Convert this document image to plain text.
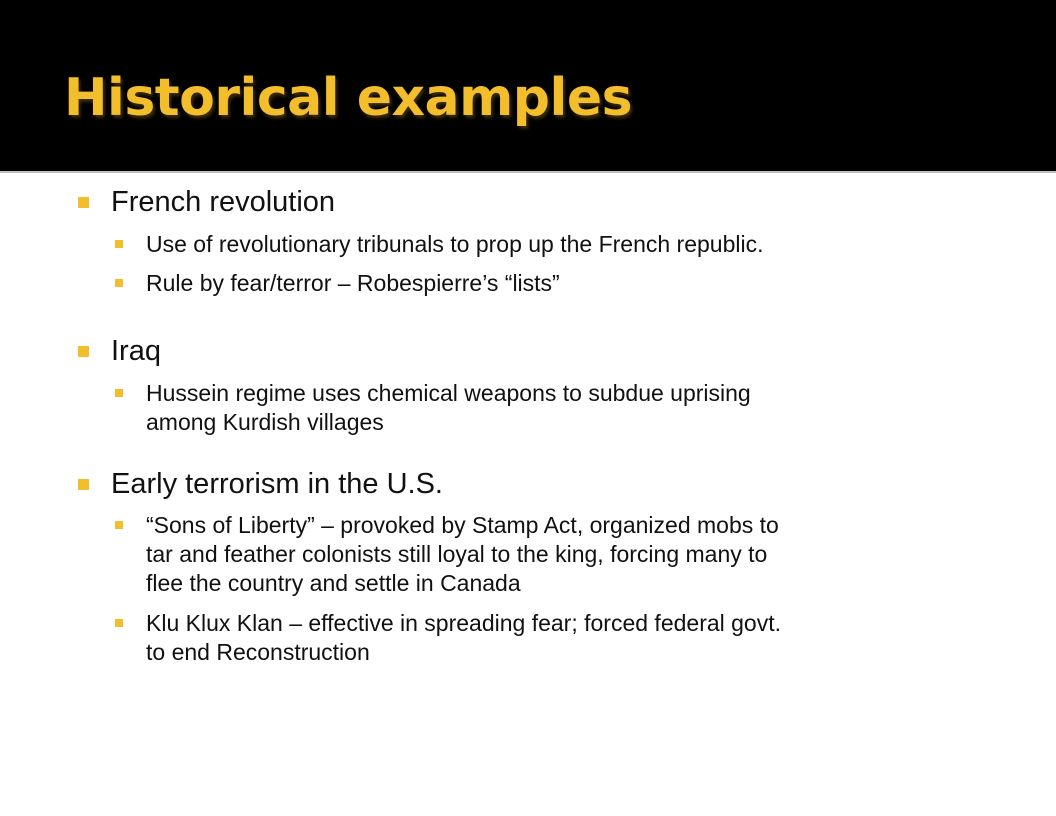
Historical examples
French revolution
Use of revolutionary tribunals to prop up the French republic.
Rule by fear/terror – Robespierre’s “lists”
Iraq
Hussein regime uses chemical weapons to subdue uprising
among Kurdish villages
Early terrorism in the U.S.
“Sons of Liberty” – provoked by Stamp Act, organized mobs to
tar and feather colonists still loyal to the king, forcing many to
flee the country and settle in Canada
Klu Klux Klan – effective in spreading fear; forced federal govt.
to end Reconstruction
